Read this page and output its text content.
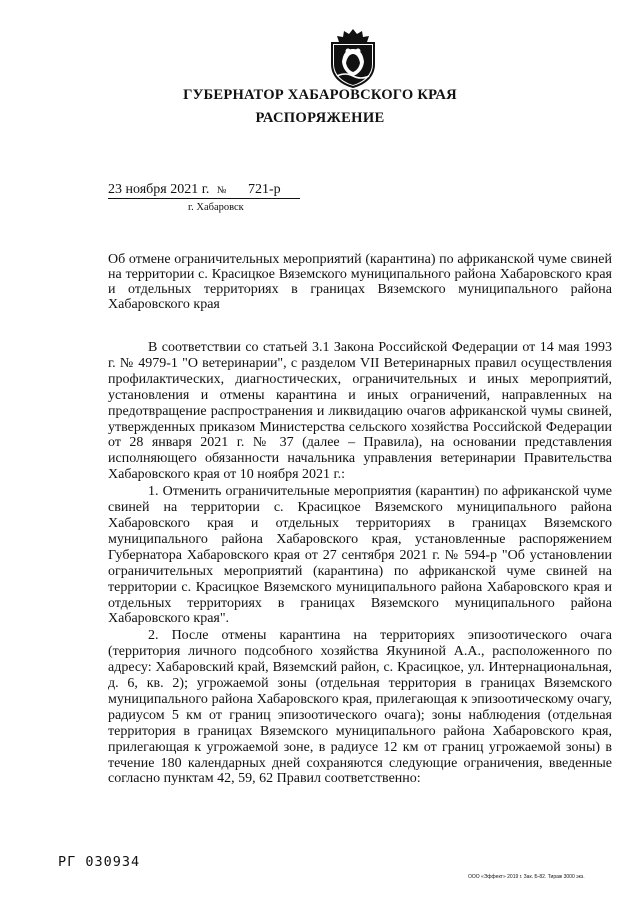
ГУБЕРНАТОР ХАБАРОВСКОГО КРАЯ
РАСПОРЯЖЕНИЕ
23 ноября 2021 г. № 721-р
г. Хабаровск
Об отмене ограничительных мероприятий (карантина) по африканской чуме свиней на территории с. Красицкое Вяземского муниципального района Хабаровского края и отдельных территориях в границах Вяземского муниципального района Хабаровского края

В соответствии со статьей 3.1 Закона Российской Федерации от 14 мая 1993 г. № 4979-1 "О ветеринарии", с разделом VII Ветеринарных правил осуществления профилактических, диагностических, ограничительных и иных мероприятий, установления и отмены карантина и иных ограничений, направленных на предотвращение распространения и ликвидацию очагов африканской чумы свиней, утвержденных приказом Министерства сельского хозяйства Российской Федерации от 28 января 2021 г. № 37 (далее – Правила), на основании представления исполняющего обязанности начальника управления ветеринарии Правительства Хабаровского края от 10 ноября 2021 г.:

1. Отменить ограничительные мероприятия (карантин) по африканской чуме свиней на территории с. Красицкое Вяземского муниципального района Хабаровского края и отдельных территориях в границах Вяземского муниципального района Хабаровского края, установленные распоряжением Губернатора Хабаровского края от 27 сентября 2021 г. № 594-р "Об установлении ограничительных мероприятий (карантина) по африканской чуме свиней на территории с. Красицкое Вяземского муниципального района Хабаровского края и отдельных территориях в границах Вяземского муниципального района Хабаровского края".

2. После отмены карантина на территориях эпизоотического очага (территория личного подсобного хозяйства Якуниной А.А., расположенного по адресу: Хабаровский край, Вяземский район, с. Красицкое, ул. Интернациональная, д. 6, кв. 2); угрожаемой зоны (отдельная территория в границах Вяземского муниципального района Хабаровского края, прилегающая к эпизоотическому очагу, радиусом 5 км от границ эпизоотического очага); зоны наблюдения (отдельная территория в границах Вяземского муниципального района Хабаровского края, прилегающая к угрожаемой зоне, в радиусе 12 км от границ угрожаемой зоны) в течение 180 календарных дней сохраняются следующие ограничения, введенные согласно пунктам 42, 59, 62 Правил соответственно:

РГ 030934
ООО «Эффект» 2019 г. Зак. Б-82. Тираж 3000 экз.
